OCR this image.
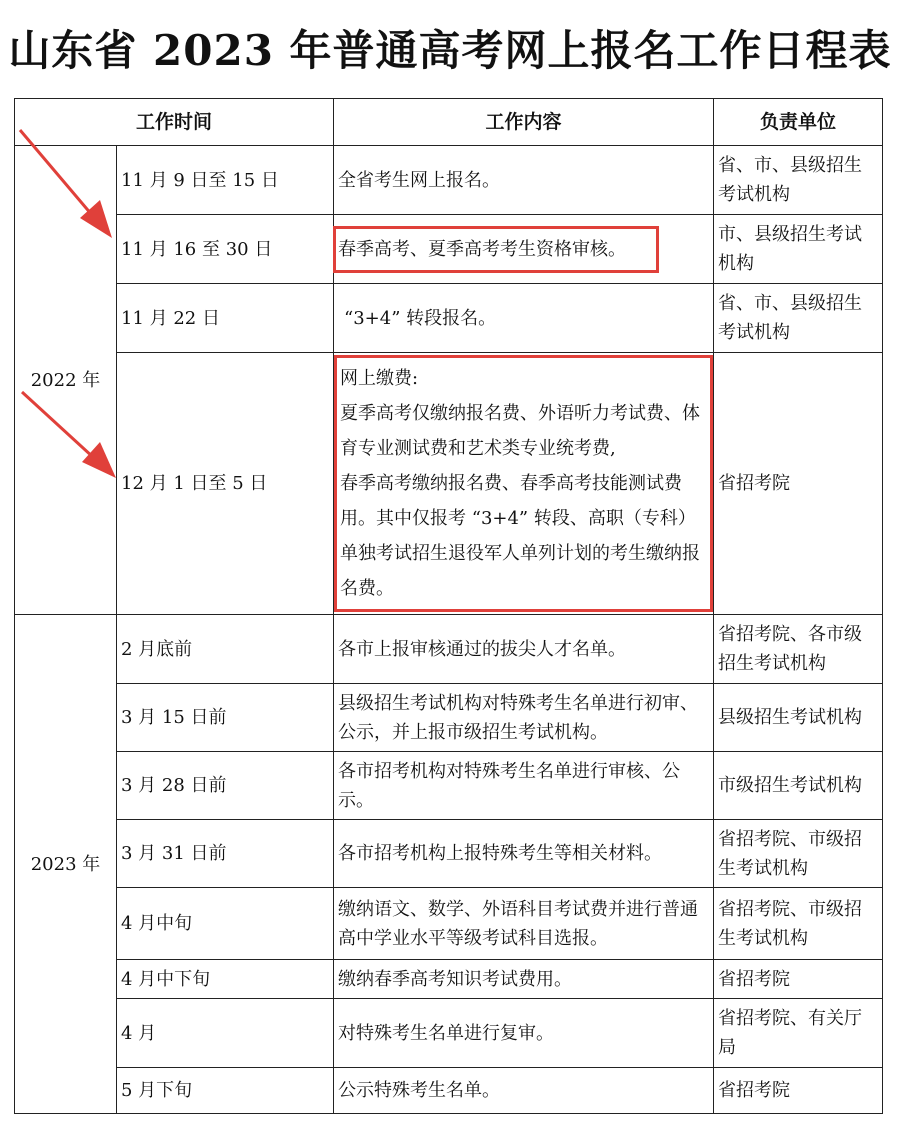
山东省 2023 年普通高考网上报名工作日程表
工作时间		工作内容	负责单位
2022 年	11 月 9 日至 15 日	全省考生网上报名。	省、市、县级招生考试机构
	11 月 16 至 30 日	春季高考、夏季高考考生资格审核。	市、县级招生考试机构
	11 月 22 日	“3+4” 转段报名。	省、市、县级招生考试机构
	12 月 1 日至 5 日	网上缴费:
夏季高考仅缴纳报名费、外语听力考试费、体育专业测试费和艺术类专业统考费,
春季高考缴纳报名费、春季高考技能测试费用。其中仅报考 “3+4” 转段、高职（专科）单独考试招生退役军人单列计划的考生缴纳报名费。	省招考院
2023 年	2 月底前	各市上报审核通过的拔尖人才名单。	省招考院、各市级招生考试机构
	3 月 15 日前	县级招生考试机构对特殊考生名单进行初审、公示，并上报市级招生考试机构。	县级招生考试机构
	3 月 28 日前	各市招考机构对特殊考生名单进行审核、公示。	市级招生考试机构
	3 月 31 日前	各市招考机构上报特殊考生等相关材料。	省招考院、市级招生考试机构
	4 月中旬	缴纳语文、数学、外语科目考试费并进行普通高中学业水平等级考试科目选报。	省招考院、市级招生考试机构
	4 月中下旬	缴纳春季高考知识考试费用。	省招考院
	4 月	对特殊考生名单进行复审。	省招考院、有关厅局
	5 月下旬	公示特殊考生名单。	省招考院
